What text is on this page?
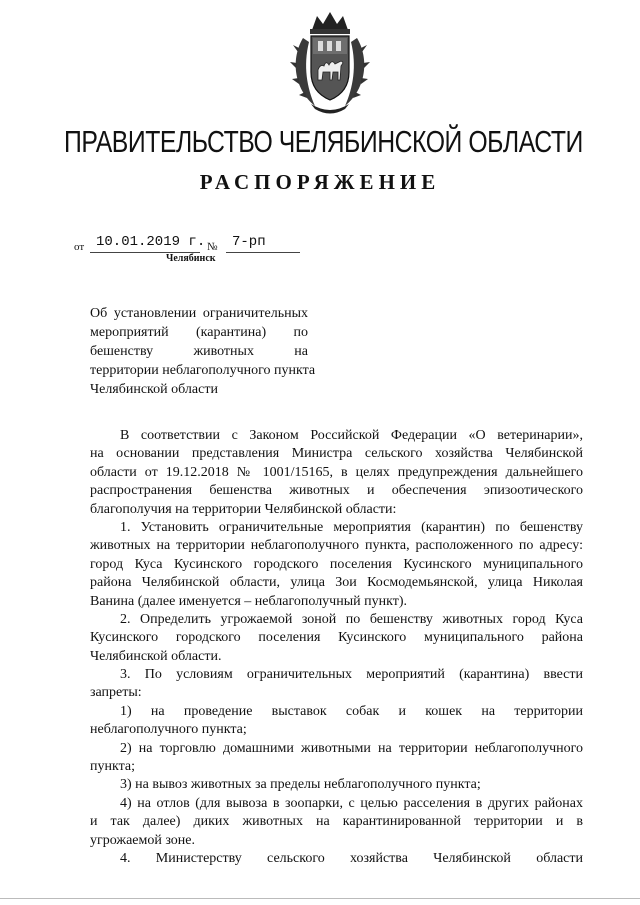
ПРАВИТЕЛЬСТВО ЧЕЛЯБИНСКОЙ ОБЛАСТИ
РАСПОРЯЖЕНИЕ
от 10.01.2019 г. № 7-рп
Челябинск
Об установлении ограничительных
мероприятий (карантина) по
бешенству животных на
территории неблагополучного пункта
Челябинской области
В соответствии с Законом Российской Федерации «О ветеринарии»,
на основании представления Министра сельского хозяйства Челябинской
области от 19.12.2018 № 1001/15165, в целях предупреждения дальнейшего
распространения бешенства животных и обеспечения эпизоотического
благополучия на территории Челябинской области:
1. Установить ограничительные мероприятия (карантин) по бешенству
животных на территории неблагополучного пункта, расположенного по адресу:
город Куса Кусинского городского поселения Кусинского муниципального
района Челябинской области, улица Зои Космодемьянской, улица Николая
Ванина (далее именуется – неблагополучный пункт).
2. Определить угрожаемой зоной по бешенству животных город Куса
Кусинского городского поселения Кусинского муниципального района
Челябинской области.
3. По условиям ограничительных мероприятий (карантина) ввести
запреты:
1) на проведение выставок собак и кошек на территории
неблагополучного пункта;
2) на торговлю домашними животными на территории неблагополучного
пункта;
3) на вывоз животных за пределы неблагополучного пункта;
4) на отлов (для вывоза в зоопарки, с целью расселения в других районах
и так далее) диких животных на карантинированной территории и в
угрожаемой зоне.
4. Министерству сельского хозяйства Челябинской области
